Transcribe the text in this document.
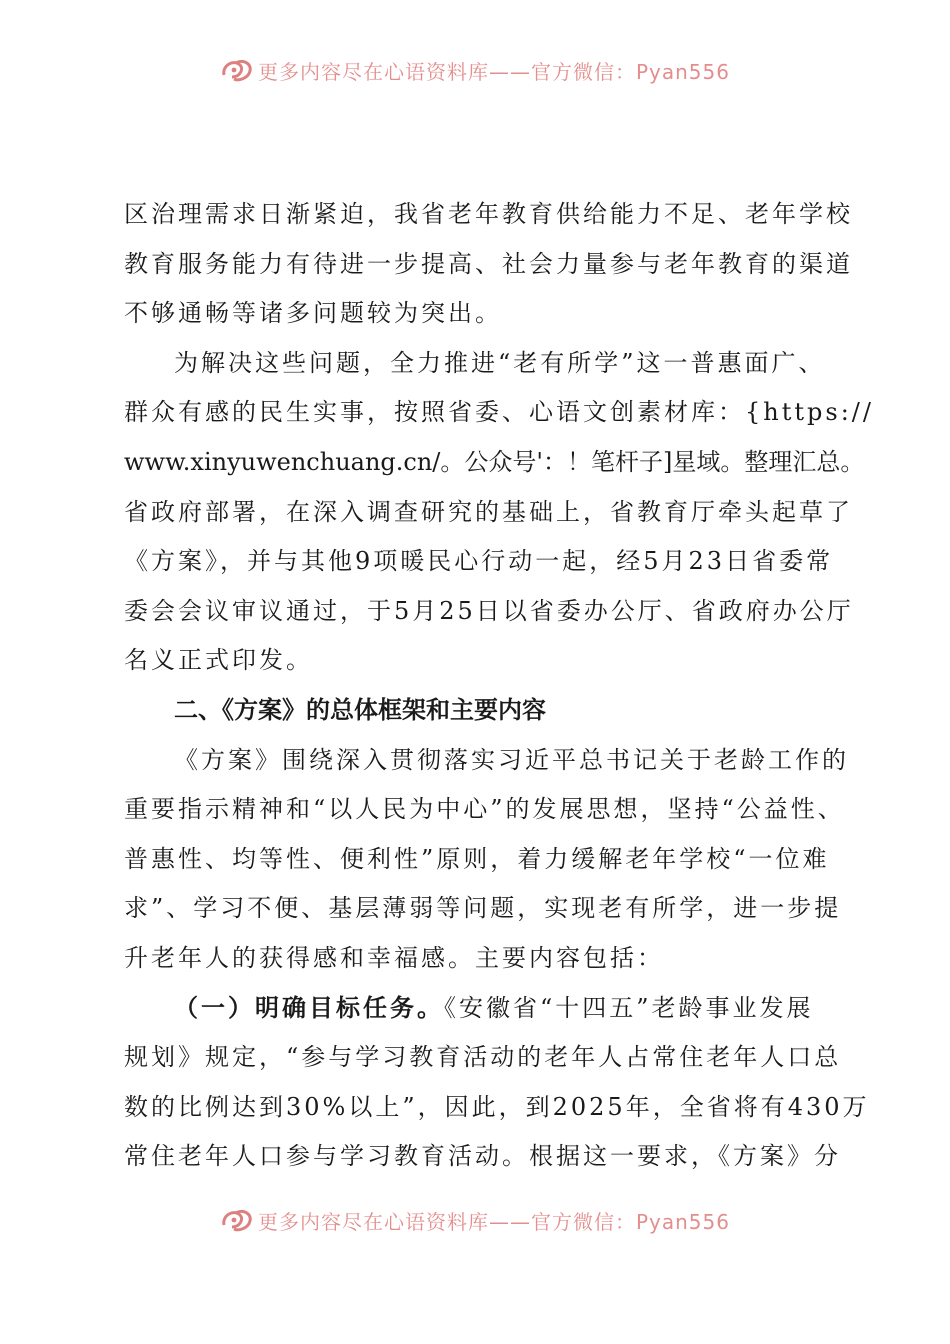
更多内容尽在心语资料库——官方微信：Pyan556
区治理需求日渐紧迫，我省老年教育供给能力不足、老年学校
教育服务能力有待进一步提高、社会力量参与老年教育的渠道
不够通畅等诸多问题较为突出。
为解决这些问题，全力推进“老有所学”这一普惠面广、
群众有感的民生实事，按照省委、心语文创素材库：{https://
www.xinyuwenchuang.cn/。公众号'：！笔杆子]星域。整理汇总。
省政府部署，在深入调查研究的基础上，省教育厅牵头起草了
《方案》，并与其他9项暖民心行动一起，经5月23日省委常
委会会议审议通过，于5月25日以省委办公厅、省政府办公厅
名义正式印发。
二、《方案》的总体框架和主要内容
《方案》围绕深入贯彻落实习近平总书记关于老龄工作的
重要指示精神和“以人民为中心”的发展思想，坚持“公益性、
普惠性、均等性、便利性”原则，着力缓解老年学校“一位难
求”、学习不便、基层薄弱等问题，实现老有所学，进一步提
升老年人的获得感和幸福感。主要内容包括：
（一）明确目标任务。《安徽省“十四五”老龄事业发展
规划》规定，“参与学习教育活动的老年人占常住老年人口总
数的比例达到30%以上”，因此，到2025年，全省将有430万
常住老年人口参与学习教育活动。根据这一要求，《方案》分
更多内容尽在心语资料库——官方微信：Pyan556
